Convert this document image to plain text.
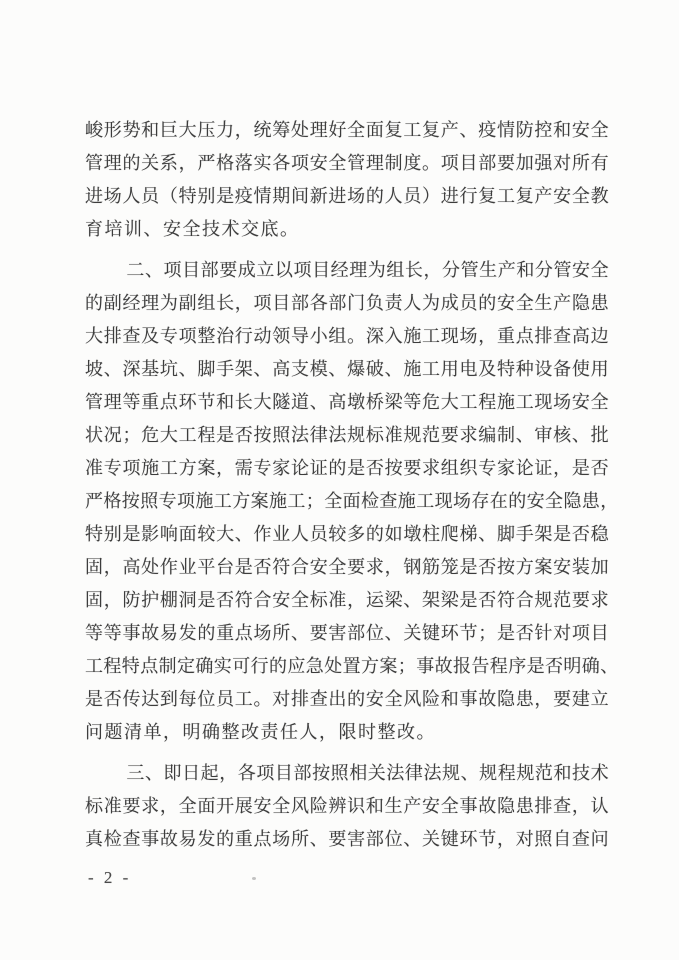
峻形势和巨大压力，统筹处理好全面复工复产、疫情防控和安全
管理的关系，严格落实各项安全管理制度。项目部要加强对所有
进场人员（特别是疫情期间新进场的人员）进行复工复产安全教
育培训、安全技术交底。
二、项目部要成立以项目经理为组长，分管生产和分管安全
的副经理为副组长，项目部各部门负责人为成员的安全生产隐患
大排查及专项整治行动领导小组。深入施工现场，重点排查高边
坡、深基坑、脚手架、高支模、爆破、施工用电及特种设备使用
管理等重点环节和长大隧道、高墩桥梁等危大工程施工现场安全
状况；危大工程是否按照法律法规标准规范要求编制、审核、批
准专项施工方案，需专家论证的是否按要求组织专家论证，是否
严格按照专项施工方案施工；全面检查施工现场存在的安全隐患，
特别是影响面较大、作业人员较多的如墩柱爬梯、脚手架是否稳
固，高处作业平台是否符合安全要求，钢筋笼是否按方案安装加
固，防护棚洞是否符合安全标准，运梁、架梁是否符合规范要求
等等事故易发的重点场所、要害部位、关键环节；是否针对项目
工程特点制定确实可行的应急处置方案；事故报告程序是否明确、
是否传达到每位员工。对排查出的安全风险和事故隐患，要建立
问题清单，明确整改责任人，限时整改。
三、即日起，各项目部按照相关法律法规、规程规范和技术
标准要求，全面开展安全风险辨识和生产安全事故隐患排查，认
真检查事故易发的重点场所、要害部位、关键环节，对照自查问
- 2 -
